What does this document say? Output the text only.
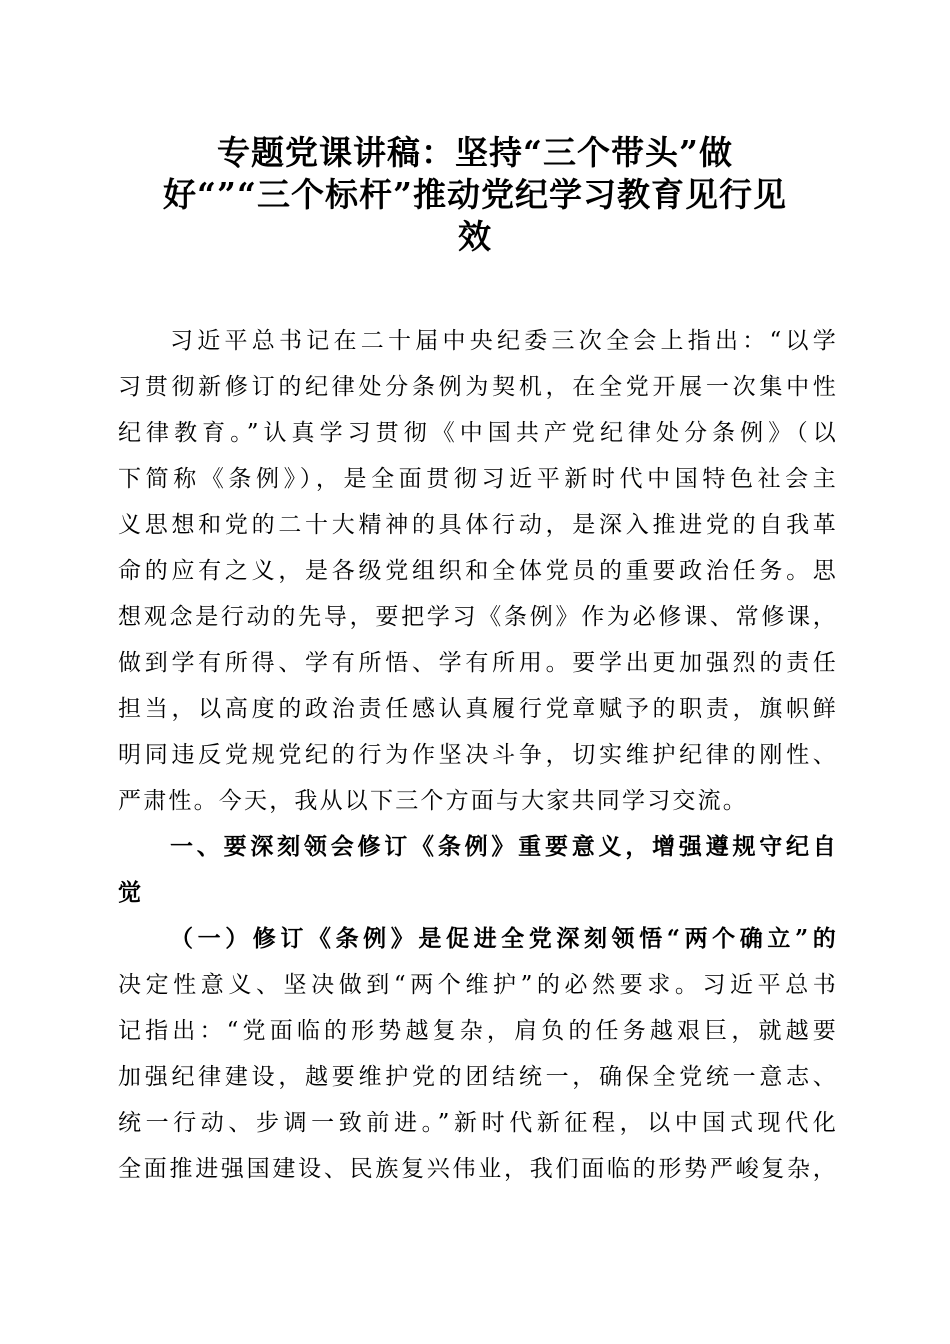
专题党课讲稿：坚持“三个带头”做
好“”“三个标杆”推动党纪学习教育见行见
效
习近平总书记在二十届中央纪委三次全会上指出：“以学
习贯彻新修订的纪律处分条例为契机，在全党开展一次集中性
纪律教育。”认真学习贯彻《中国共产党纪律处分条例》（以
下简称《条例》），是全面贯彻习近平新时代中国特色社会主
义思想和党的二十大精神的具体行动，是深入推进党的自我革
命的应有之义，是各级党组织和全体党员的重要政治任务。思
想观念是行动的先导，要把学习《条例》作为必修课、常修课，
做到学有所得、学有所悟、学有所用。要学出更加强烈的责任
担当，以高度的政治责任感认真履行党章赋予的职责，旗帜鲜
明同违反党规党纪的行为作坚决斗争，切实维护纪律的刚性、
严肃性。今天，我从以下三个方面与大家共同学习交流。
一、要深刻领会修订《条例》重要意义，增强遵规守纪自
觉
（一）修订《条例》是促进全党深刻领悟“两个确立”的
决定性意义、坚决做到“两个维护”的必然要求。习近平总书
记指出：“党面临的形势越复杂，肩负的任务越艰巨，就越要
加强纪律建设，越要维护党的团结统一，确保全党统一意志、
统一行动、步调一致前进。”新时代新征程，以中国式现代化
全面推进强国建设、民族复兴伟业，我们面临的形势严峻复杂，
